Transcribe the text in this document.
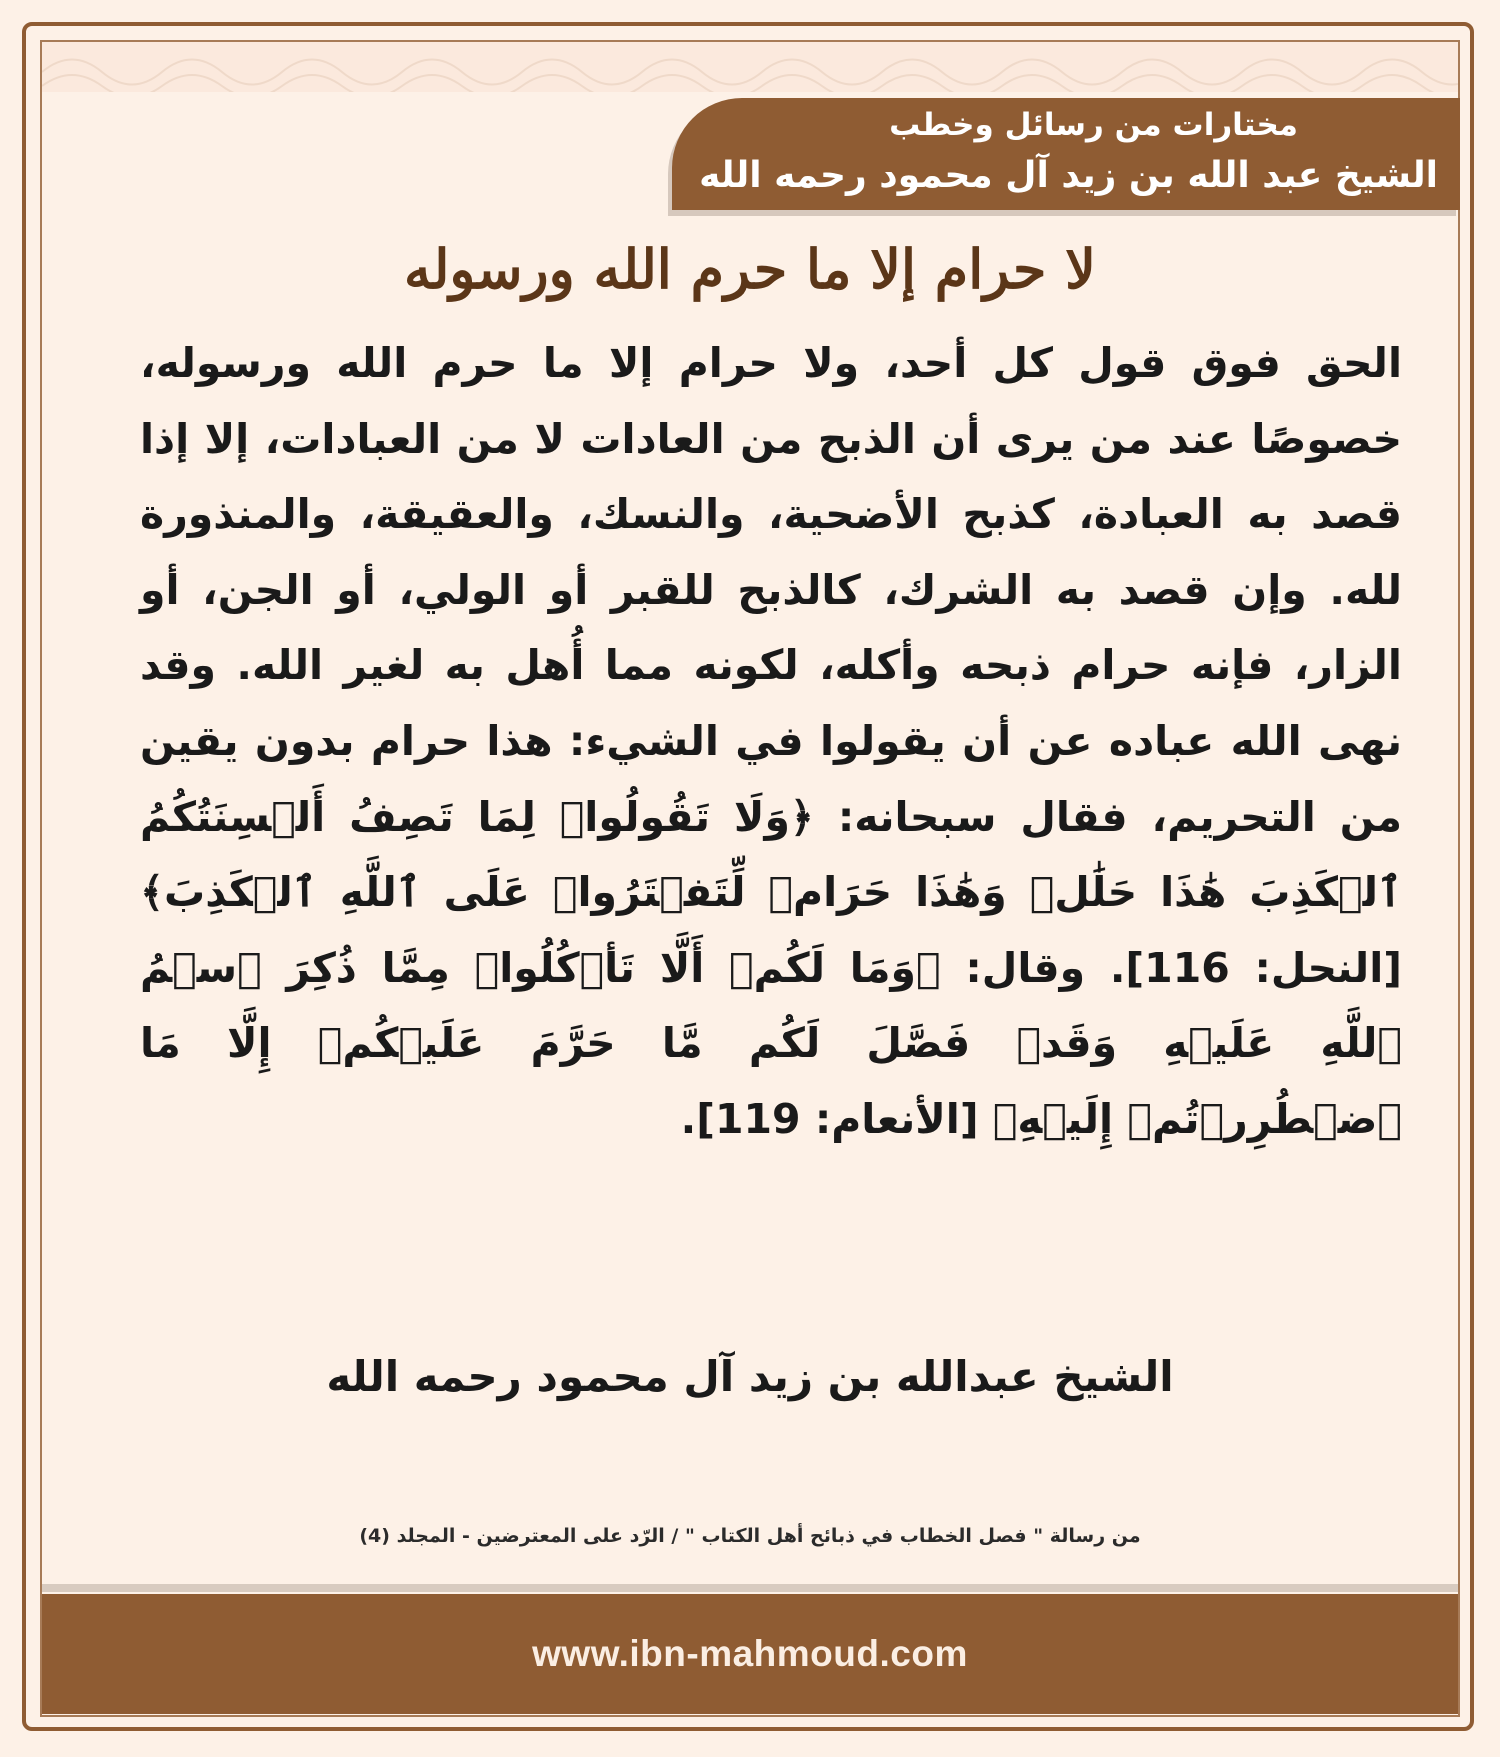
مختارات من رسائل وخطب
الشيخ عبد الله بن زيد آل محمود رحمه الله
لا حرام إلا ما حرم الله ورسوله
الحق فوق قول كل أحد، ولا حرام إلا ما حرم الله ورسوله، خصوصًا عند من يرى أن الذبح من العادات لا من العبادات، إلا إذا قصد به العبادة، كذبح الأضحية، والنسك، والعقيقة، والمنذورة لله. وإن قصد به الشرك، كالذبح للقبر أو الولي، أو الجن، أو الزار، فإنه حرام ذبحه وأكله، لكونه مما أُهل به لغير الله. وقد نهى الله عباده عن أن يقولوا في الشيء: هذا حرام بدون يقين من التحريم، فقال سبحانه: ﴿وَلَا تَقُولُوا۟ لِمَا تَصِفُ أَلۡسِنَتُكُمُ ٱلۡكَذِبَ هَٰذَا حَلَٰلٞ وَهَٰذَا حَرَامٞ لِّتَفۡتَرُوا۟ عَلَى ٱللَّهِ ٱلۡكَذِبَ﴾ [النحل: 116]. وقال: ﴿وَمَا لَكُمۡ أَلَّا تَأۡكُلُوا۟ مِمَّا ذُكِرَ ٱسۡمُ ٱللَّهِ عَلَيۡهِ وَقَدۡ فَصَّلَ لَكُم مَّا حَرَّمَ عَلَيۡكُمۡ إِلَّا مَا ٱضۡطُرِرۡتُمۡ إِلَيۡهِ﴾ [الأنعام: 119].
الشيخ عبدالله بن زيد آل محمود رحمه الله
من رسالة " فصل الخطاب في ذبائح أهل الكتاب " / الرّد على المعترضين - المجلد (4)
www.ibn-mahmoud.com
